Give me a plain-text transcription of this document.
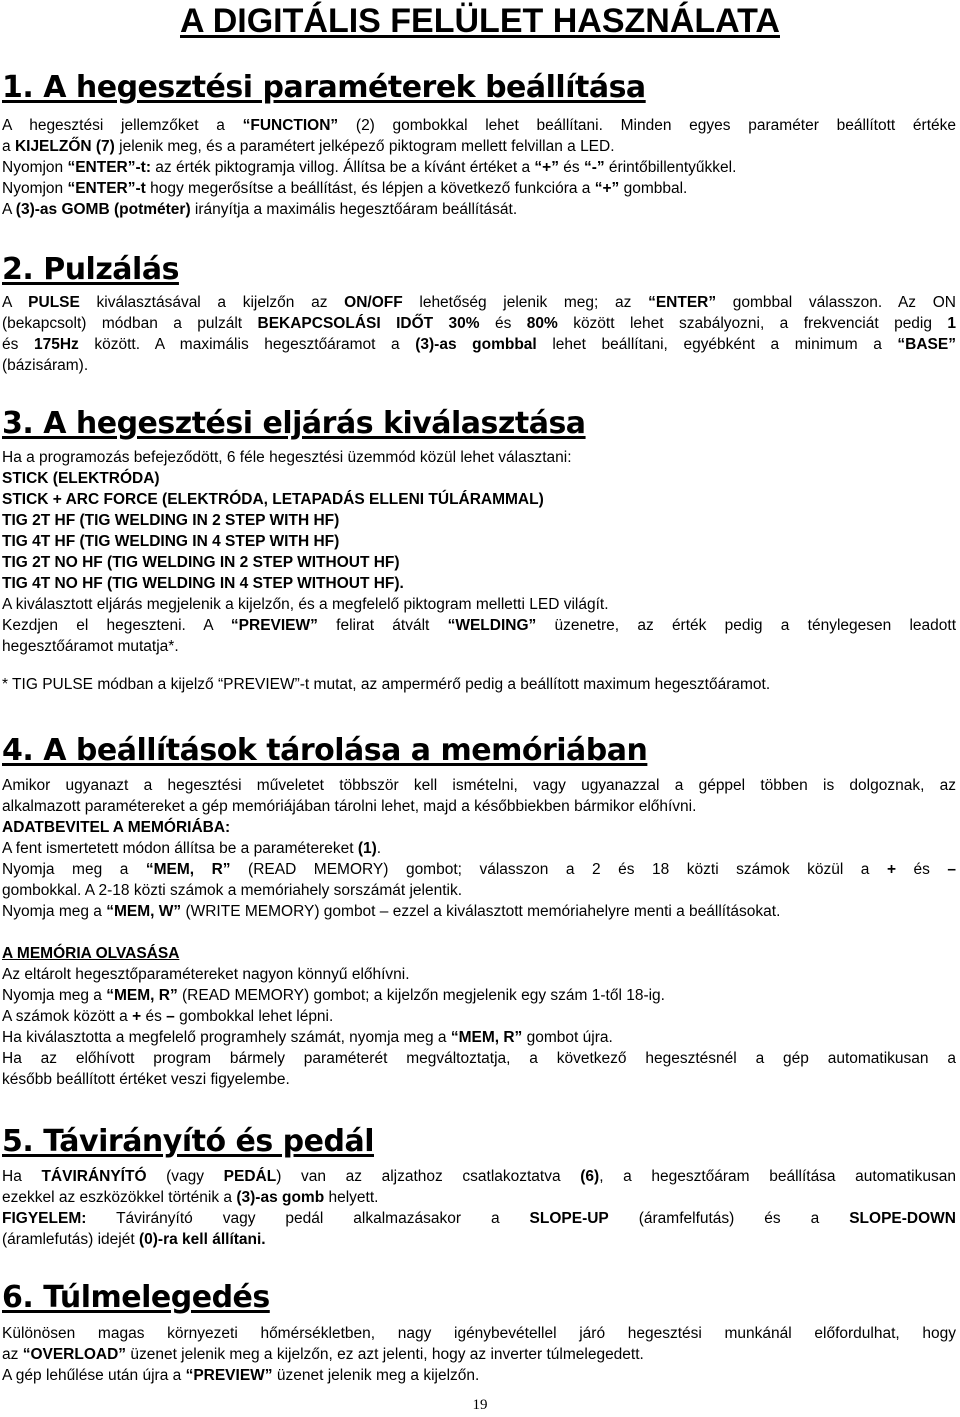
A DIGITÁLIS FELÜLET HASZNÁLATA
1. A hegesztési paraméterek beállítása

A hegesztési jellemzőket a “FUNCTION” (2) gombokkal lehet beállítani. Minden egyes paraméter beállított értéke

a KIJELZŐN (7) jelenik meg, és a paramétert jelképező piktogram mellett felvillan a LED.

Nyomjon “ENTER”-t: az érték piktogramja villog. Állítsa be a kívánt értéket a “+” és “-” érintőbillentyűkkel.

Nyomjon “ENTER”-t hogy megerősítse a beállítást, és lépjen a következő funkcióra a “+” gombbal.

A (3)-as GOMB (potméter) irányítja a maximális hegesztőáram beállítását.

2. Pulzálás

A PULSE kiválasztásával a kijelzőn az ON/OFF lehetőség jelenik meg; az “ENTER” gombbal válasszon. Az ON

(bekapcsolt) módban a pulzált BEKAPCSOLÁSI IDŐT 30% és 80% között lehet szabályozni, a frekvenciát pedig 1

és 175Hz között. A maximális hegesztőáramot a (3)-as gombbal lehet beállítani, egyébként a minimum a “BASE”

(bázisáram).

3. A hegesztési eljárás kiválasztása

Ha a programozás befejeződött, 6 féle hegesztési üzemmód közül lehet választani:

STICK (ELEKTRÓDA)

STICK + ARC FORCE (ELEKTRÓDA, LETAPADÁS ELLENI TÚLÁRAMMAL)

TIG 2T HF (TIG WELDING IN 2 STEP WITH HF)

TIG 4T HF (TIG WELDING IN 4 STEP WITH HF)

TIG 2T NO HF (TIG WELDING IN 2 STEP WITHOUT HF)

TIG 4T NO HF (TIG WELDING IN 4 STEP WITHOUT HF).

A kiválasztott eljárás megjelenik a kijelzőn, és a megfelelő piktogram melletti LED világít.

Kezdjen el hegeszteni. A “PREVIEW” felirat átvált “WELDING” üzenetre, az érték pedig a ténylegesen leadott

hegesztőáramot mutatja*.

* TIG PULSE módban a kijelző “PREVIEW”-t mutat, az ampermérő pedig a beállított maximum hegesztőáramot.

4. A beállítások tárolása a memóriában

Amikor ugyanazt a hegesztési műveletet többször kell ismételni, vagy ugyanazzal a géppel többen is dolgoznak, az

alkalmazott paramétereket a gép memóriájában tárolni lehet, majd a későbbiekben bármikor előhívni.

ADATBEVITEL A MEMÓRIÁBA:

A fent ismertetett módon állítsa be a paramétereket (1).

Nyomja meg a “MEM, R” (READ MEMORY) gombot; válasszon a 2 és 18 közti számok közül a + és –

gombokkal. A 2-18 közti számok a memóriahely sorszámát jelentik.

Nyomja meg a “MEM, W” (WRITE MEMORY) gombot – ezzel a kiválasztott memóriahelyre menti a beállításokat.

A MEMÓRIA OLVASÁSA

Az eltárolt hegesztőparamétereket nagyon könnyű előhívni.

Nyomja meg a “MEM, R” (READ MEMORY) gombot; a kijelzőn megjelenik egy szám 1-től 18-ig.

A számok között a + és – gombokkal lehet lépni.

Ha kiválasztotta a megfelelő programhely számát, nyomja meg a “MEM, R” gombot újra.

Ha az előhívott program bármely paraméterét megváltoztatja, a következő hegesztésnél a gép automatikusan a

később beállított értéket veszi figyelembe.

5. Távirányító és pedál

Ha TÁVIRÁNYÍTÓ (vagy PEDÁL) van az aljzathoz csatlakoztatva (6), a hegesztőáram beállítása automatikusan

ezekkel az eszközökkel történik a (3)-as gomb helyett.

FIGYELEM: Távirányító vagy pedál alkalmazásakor a SLOPE-UP (áramfelfutás) és a SLOPE-DOWN

(áramlefutás) idejét (0)-ra kell állítani.

6. Túlmelegedés

Különösen magas környezeti hőmérsékletben, nagy igénybevétellel járó hegesztési munkánál előfordulhat, hogy

az “OVERLOAD” üzenet jelenik meg a kijelzőn, ez azt jelenti, hogy az inverter túlmelegedett.

A gép lehűlése után újra a “PREVIEW” üzenet jelenik meg a kijelzőn.

19
